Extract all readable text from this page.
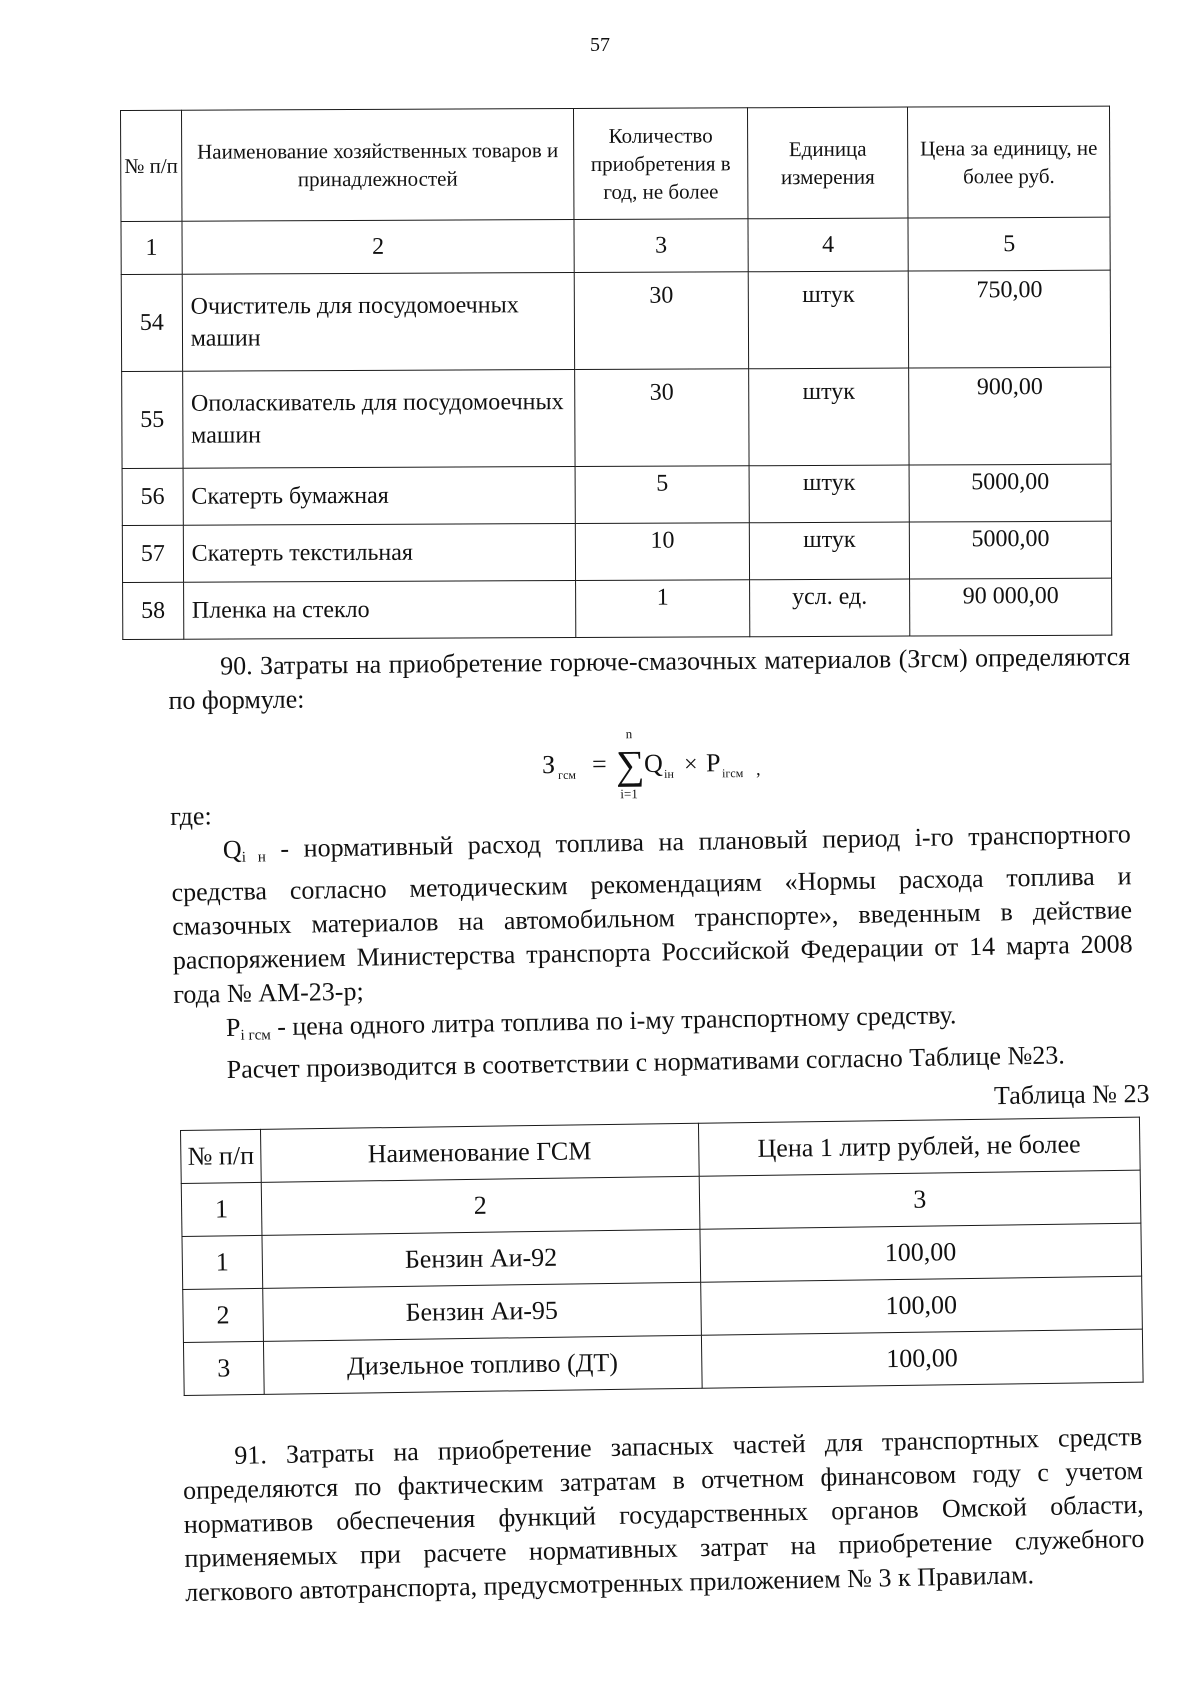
57
№ п/п	Наименование хозяйственных товаров и принадлежностей	Количество приобретения в год, не более	Единица измерения	Цена за единицу, не более руб.
1	2	3	4	5
54	Очиститель для посудомоечных машин	30	штук	750,00
55	Ополаскиватель для посудомоечных машин	30	штук	900,00
56	Скатерть бумажная	5	штук	5000,00
57	Скатерть текстильная	10	штук	5000,00
58	Пленка на стекло	1	усл. ед.	90 000,00

90. Затраты на приобретение горюче-смазочных материалов (Згсм) определяются по формуле:

З гсм =
n
∑
i=1
Q iн × P iгсм ,

где:

$Q_{i н}$ - нормативный расход топлива на плановый период i-го транспортного средства согласно методическим рекомендациям «Нормы расхода топлива и смазочных материалов на автомобильном транспорте», введенным в действие распоряжением Министерства транспорта Российской Федерации от 14 марта 2008 года № АМ-23-р;

$P_{i гсм}$ - цена одного литра топлива по i-му транспортному средству.

Расчет производится в соответствии с нормативами согласно Таблице №23.

Таблица № 23
№ п/п	Наименование ГСМ	Цена 1 литр рублей, не более
1	2	3
1	Бензин Аи-92	100,00
2	Бензин Аи-95	100,00
3	Дизельное топливо (ДТ)	100,00

91. Затраты на приобретение запасных частей для транспортных средств определяются по фактическим затратам в отчетном финансовом году с учетом нормативов обеспечения функций государственных органов Омской области, применяемых при расчете нормативных затрат на приобретение служебного легкового автотранспорта, предусмотренных приложением № 3 к Правилам.
